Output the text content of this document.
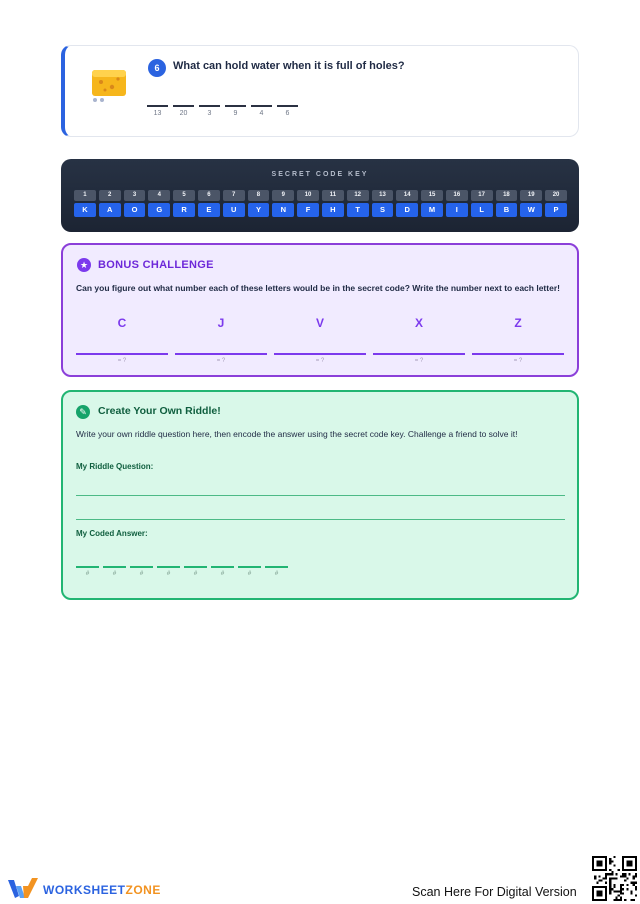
6	What can hold water when it is full of holes?
13	20	3	9	4	6
SECRET CODE KEY
1
K
2
A
3
O
4
G
5
R
6
E
7
U
8
Y
9
N
10
F
11
H
12
T
13
S
14
D
15
M
16
I
17
L
18
B
19
W
20
P
★ BONUS CHALLENGE
Can you figure out what number each of these letters would be in the secret code? Write the number next to each letter!
C
= ?
J
= ?
V
= ?
X
= ?
Z
= ?
✎	Create Your Own Riddle!
Write your own riddle question here, then encode the answer using the secret code key. Challenge a friend to solve it!
My Riddle Question:
My Coded Answer:
#	#	#	#	#	#	#	#
WORKSHEETZONE	Scan Here For Digital Version
